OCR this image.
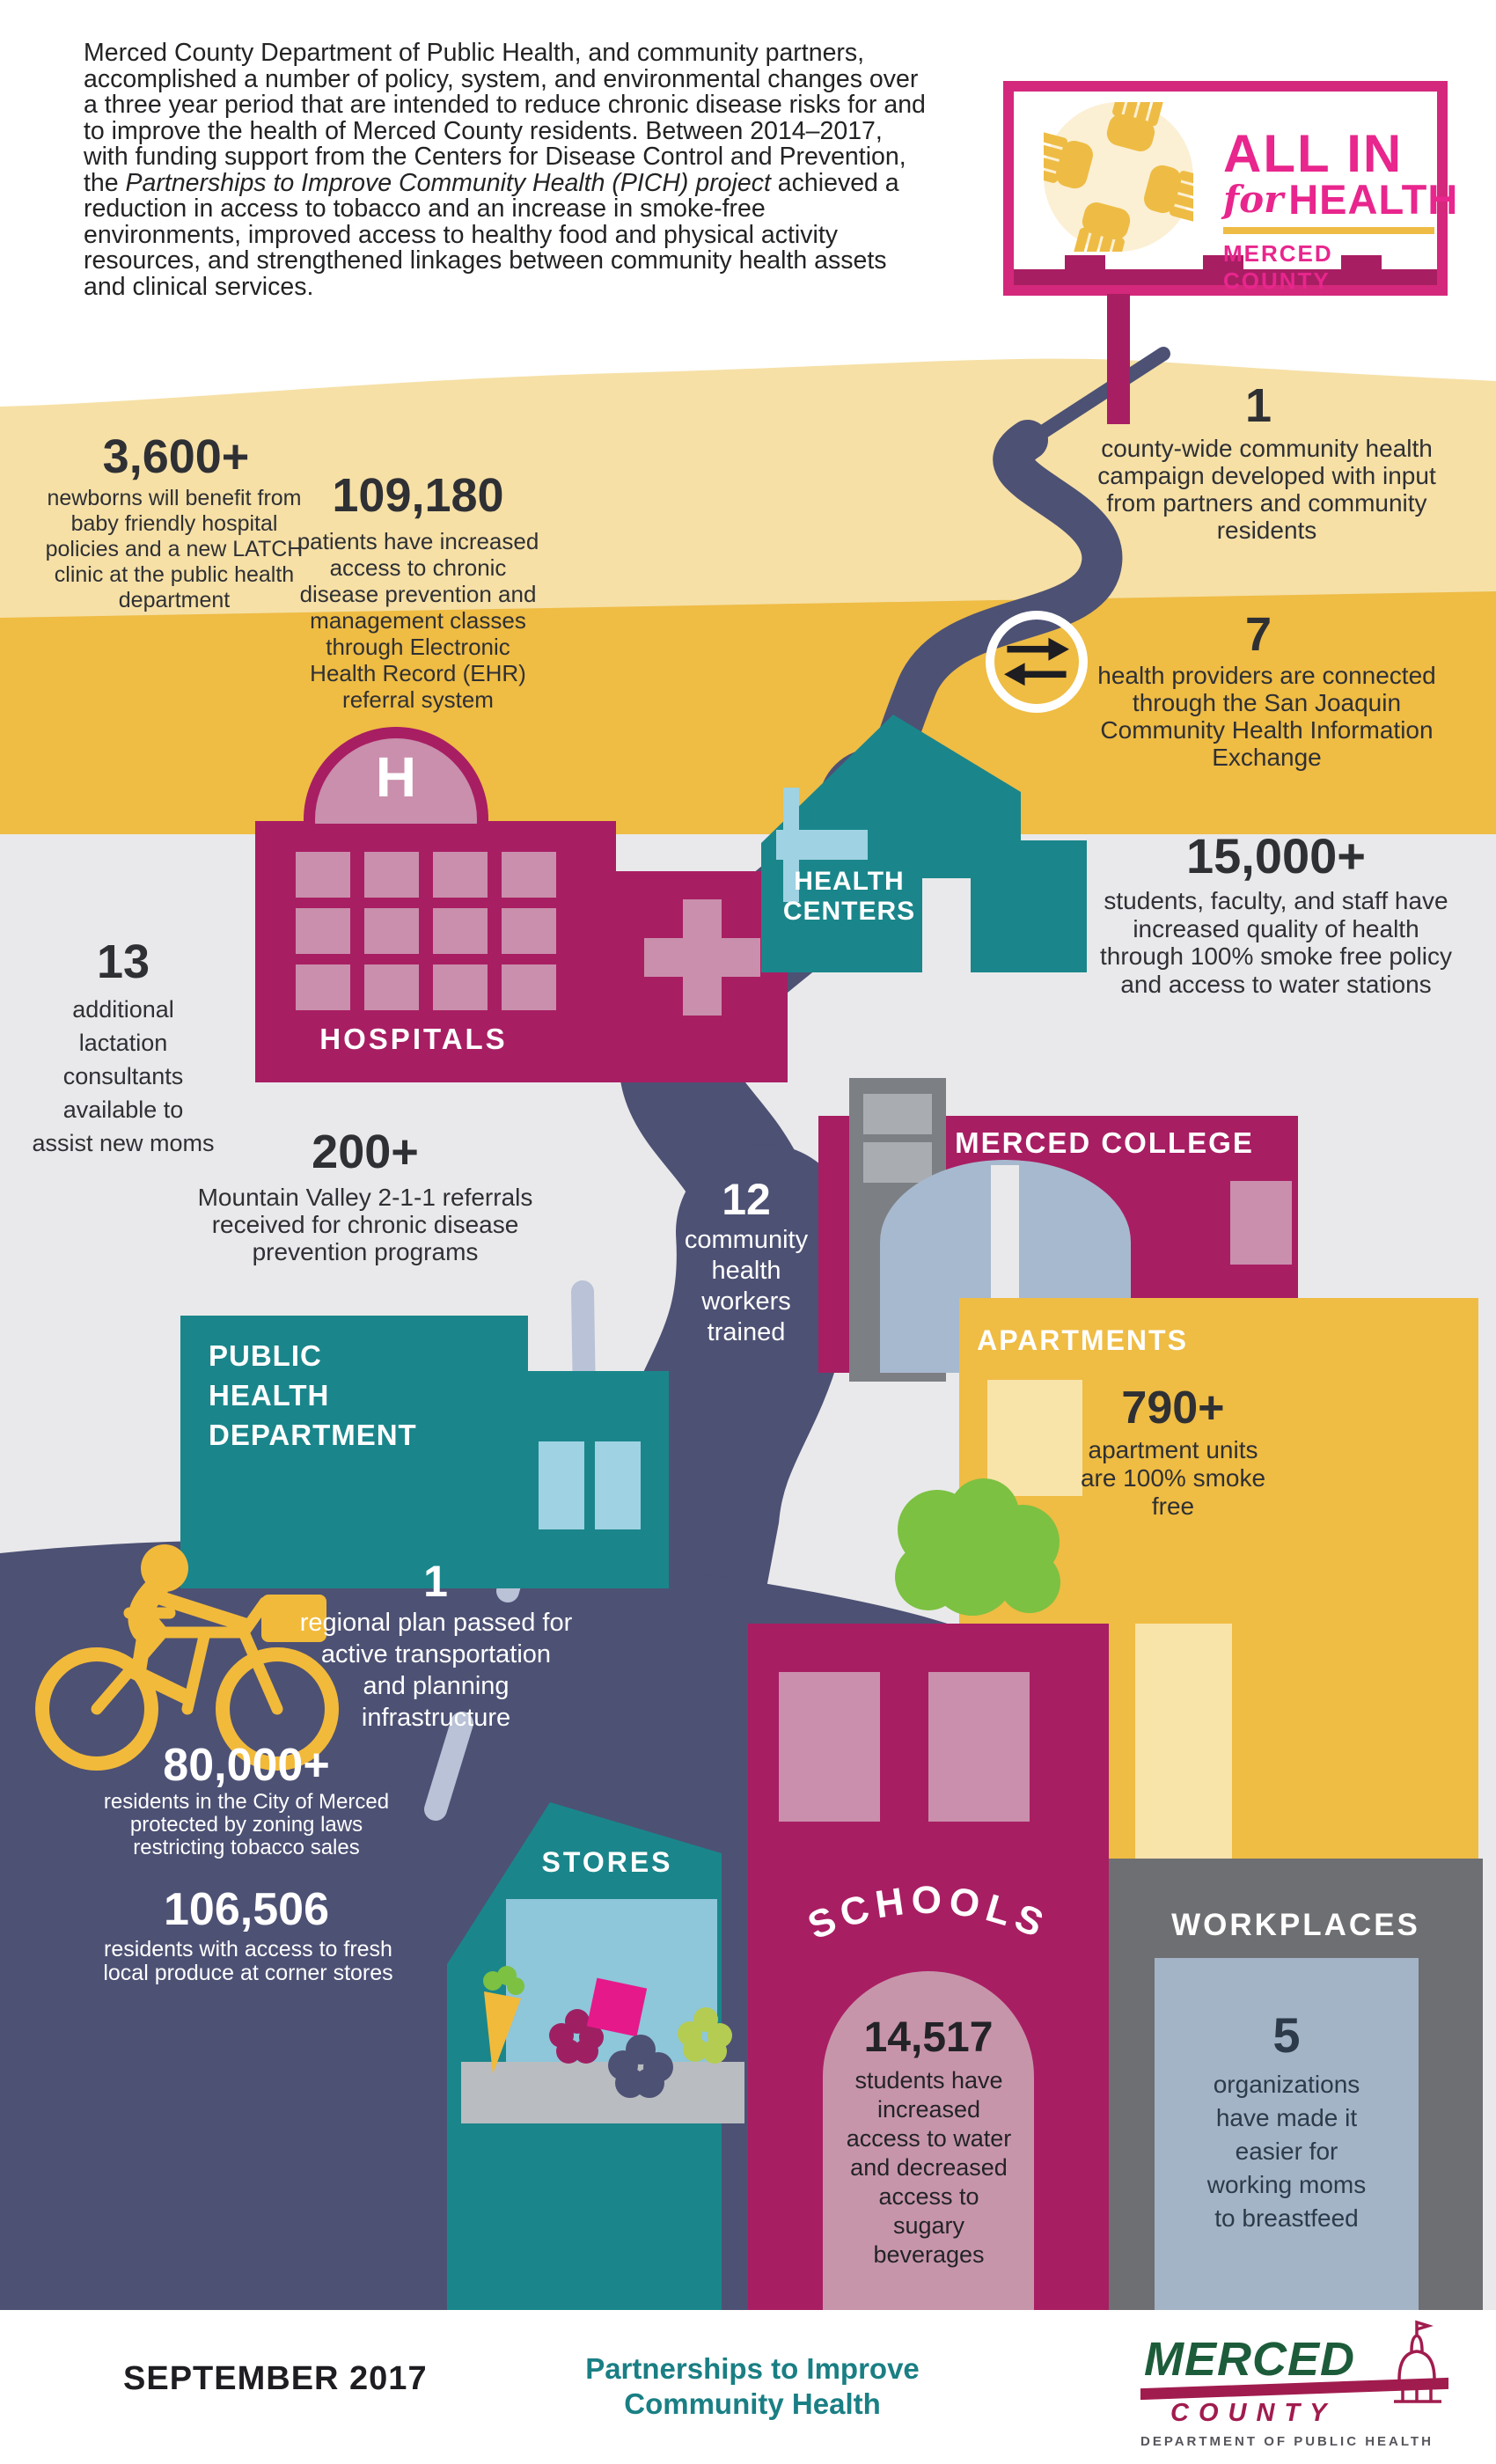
Merced County Department of Public Health, and community partners, accomplished a number of policy, system, and environmental changes over a three year period that are intended to reduce chronic disease risks for and to improve the health of Merced County residents. Between 2014–2017, with funding support from the Centers for Disease Control and Prevention, the Partnerships to Improve Community Health (PICH) project achieved a reduction in access to tobacco and an increase in smoke-free environments, improved access to healthy food and physical activity resources, and strengthened linkages between community health assets and clinical services.
ALL IN
for HEALTH
MERCED COUNTY
3,600+
newborns will benefit from baby friendly hospital policies and a new LATCH clinic at the public health department
109,180
patients have increased access to chronic disease prevention and management classes through Electronic Health Record (EHR) referral system
1
county-wide community health campaign developed with input from partners and community residents
7
health providers are connected through the San Joaquin Community Health Information Exchange
H
HOSPITALS
13
additional lactation consultants available to assist new moms
HEALTH CENTERS
15,000+
students, faculty, and staff have increased quality of health through 100% smoke free policy and access to water stations
200+
Mountain Valley 2-1-1 referrals received for chronic disease prevention programs
12
community health workers trained
MERCED COLLEGE
PUBLIC HEALTH DEPARTMENT
APARTMENTS
790+
apartment units are 100% smoke free
1
regional plan passed for active transportation and planning infrastructure
80,000+
residents in the City of Merced protected by zoning laws restricting tobacco sales
106,506
residents with access to fresh local produce at corner stores
STORES
SCHOOLS
14,517
students have increased access to water and decreased access to sugary beverages
WORKPLACES
5
organizations have made it easier for working moms to breastfeed
SEPTEMBER 2017	Partnerships to Improve Community Health
MERCED
COUNTY
DEPARTMENT OF PUBLIC HEALTH
